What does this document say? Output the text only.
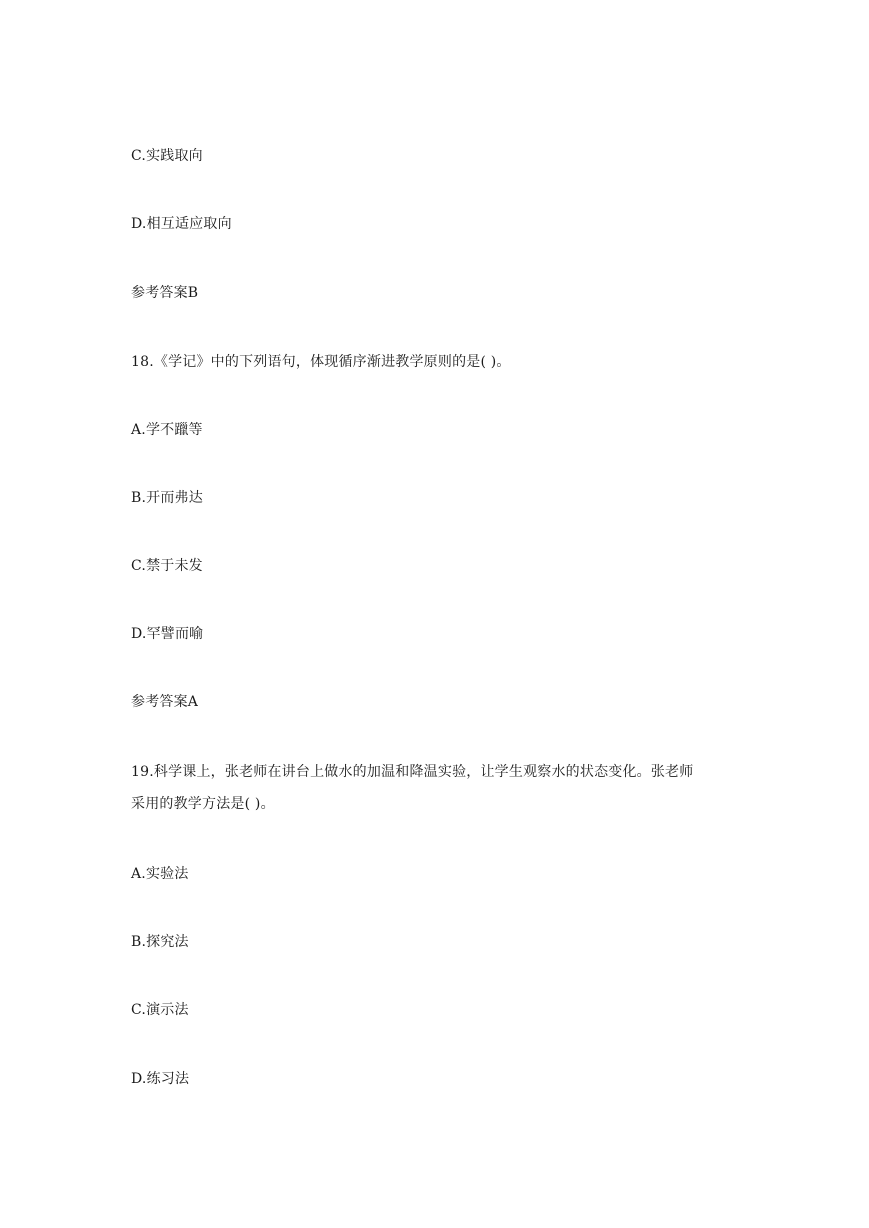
C.实践取向
D.相互适应取向
参考答案B
18.《学记》中的下列语句，体现循序渐进教学原则的是( )。
A.学不躐等
B.开而弗达
C.禁于未发
D.罕譬而喻
参考答案A
19.科学课上，张老师在讲台上做水的加温和降温实验，让学生观察水的状态变化。张老师
采用的教学方法是( )。
A.实验法
B.探究法
C.演示法
D.练习法
